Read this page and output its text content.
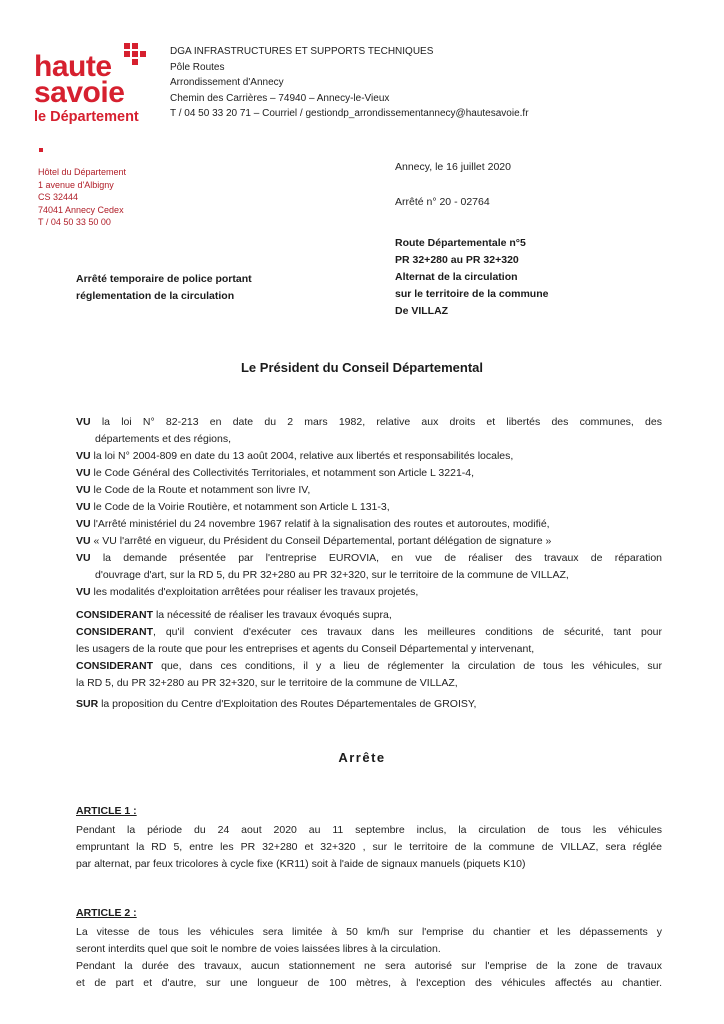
haute
savoie
le Département
DGA INFRASTRUCTURES ET SUPPORTS TECHNIQUES
Pôle Routes
Arrondissement d'Annecy
Chemin des Carrières – 74940 – Annecy-le-Vieux
T / 04 50 33 20 71 – Courriel / gestiondp_arrondissementannecy@hautesavoie.fr
Hôtel du Département
1 avenue d'Albigny
CS 32444
74041 Annecy Cedex
T / 04 50 33 50 00
Annecy, le 16 juillet 2020
Arrêté n° 20 - 02764
Route Départementale n°5
PR 32+280 au PR 32+320
Alternat de la circulation
sur le territoire de la commune
De VILLAZ
Arrêté temporaire de police portant
réglementation de la circulation
Le Président du Conseil Départemental
VU la loi N° 82-213 en date du 2 mars 1982, relative aux droits et libertés des communes, des
départements et des régions,
VU la loi N° 2004-809 en date du 13 août 2004, relative aux libertés et responsabilités locales,
VU le Code Général des Collectivités Territoriales, et notamment son Article L 3221-4,
VU le Code de la Route et notamment son livre IV,
VU le Code de la Voirie Routière, et notamment son Article L 131-3,
VU l'Arrêté ministériel du 24 novembre 1967 relatif à la signalisation des routes et autoroutes, modifié,
VU « VU l'arrêté en vigueur, du Président du Conseil Départemental, portant délégation de signature »
VU la demande présentée par l'entreprise EUROVIA, en vue de réaliser des travaux de réparation
d'ouvrage d'art, sur la RD 5, du PR 32+280 au PR 32+320, sur le territoire de la commune de VILLAZ,
VU les modalités d'exploitation arrêtées pour réaliser les travaux projetés,
CONSIDERANT la nécessité de réaliser les travaux évoqués supra,
CONSIDERANT, qu'il convient d'exécuter ces travaux dans les meilleures conditions de sécurité, tant pour
les usagers de la route que pour les entreprises et agents du Conseil Départemental y intervenant,
CONSIDERANT que, dans ces conditions, il y a lieu de réglementer la circulation de tous les véhicules, sur
la RD 5, du PR 32+280 au PR 32+320, sur le territoire de la commune de VILLAZ,
SUR la proposition du Centre d'Exploitation des Routes Départementales de GROISY,
Arrête
ARTICLE 1 :
Pendant la période du 24 aout 2020 au 11 septembre inclus, la circulation de tous les véhicules
empruntant la RD 5, entre les PR 32+280 et 32+320 , sur le territoire de la commune de VILLAZ, sera réglée
par alternat, par feux tricolores à cycle fixe (KR11) soit à l'aide de signaux manuels (piquets K10)
ARTICLE 2 :
La vitesse de tous les véhicules sera limitée à 50 km/h sur l'emprise du chantier et les dépassements y
seront interdits quel que soit le nombre de voies laissées libres à la circulation.
Pendant la durée des travaux, aucun stationnement ne sera autorisé sur l'emprise de la zone de travaux
et de part et d'autre, sur une longueur de 100 mètres, à l'exception des véhicules affectés au chantier.
